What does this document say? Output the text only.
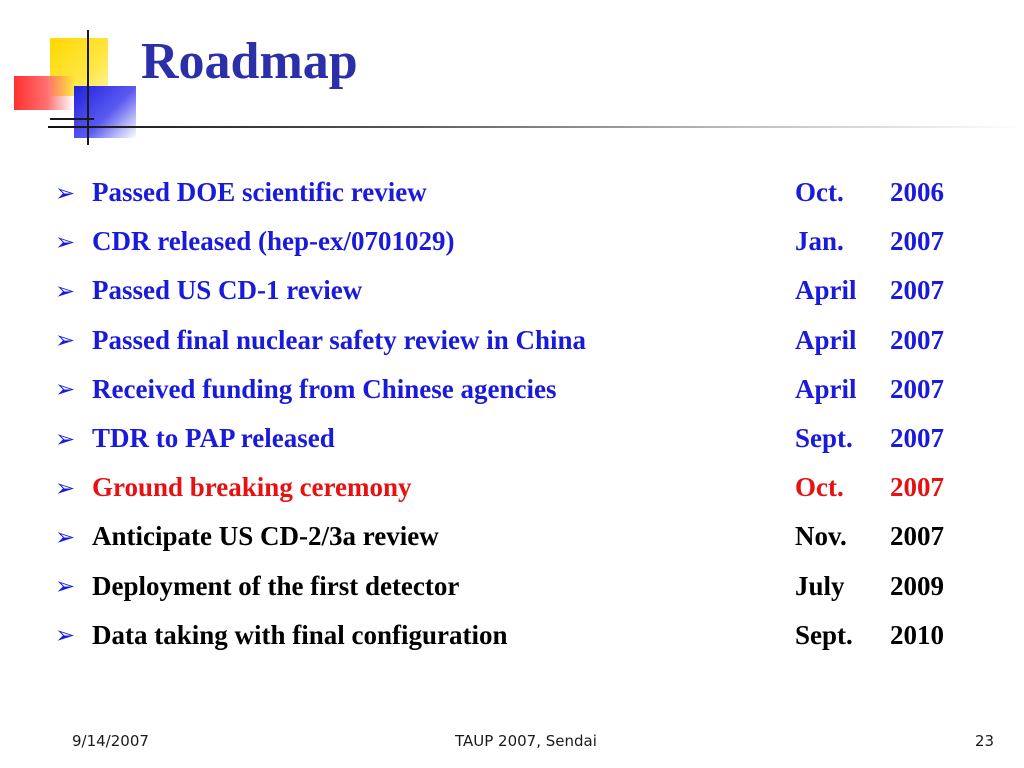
Roadmap
➢ Passed DOE scientific review	Oct.	2006
➢ CDR released (hep-ex/0701029)	Jan.	2007
➢ Passed US CD-1 review	April	2007
➢ Passed final nuclear safety review in China	April	2007
➢ Received funding from Chinese agencies	April	2007
➢ TDR to PAP released	Sept.	2007
➢ Ground breaking ceremony	Oct.	2007
➢ Anticipate US CD-2/3a review	Nov.	2007
➢ Deployment of the first detector	July	2009
➢ Data taking with final configuration	Sept.	2010
9/14/2007	TAUP 2007, Sendai	23
